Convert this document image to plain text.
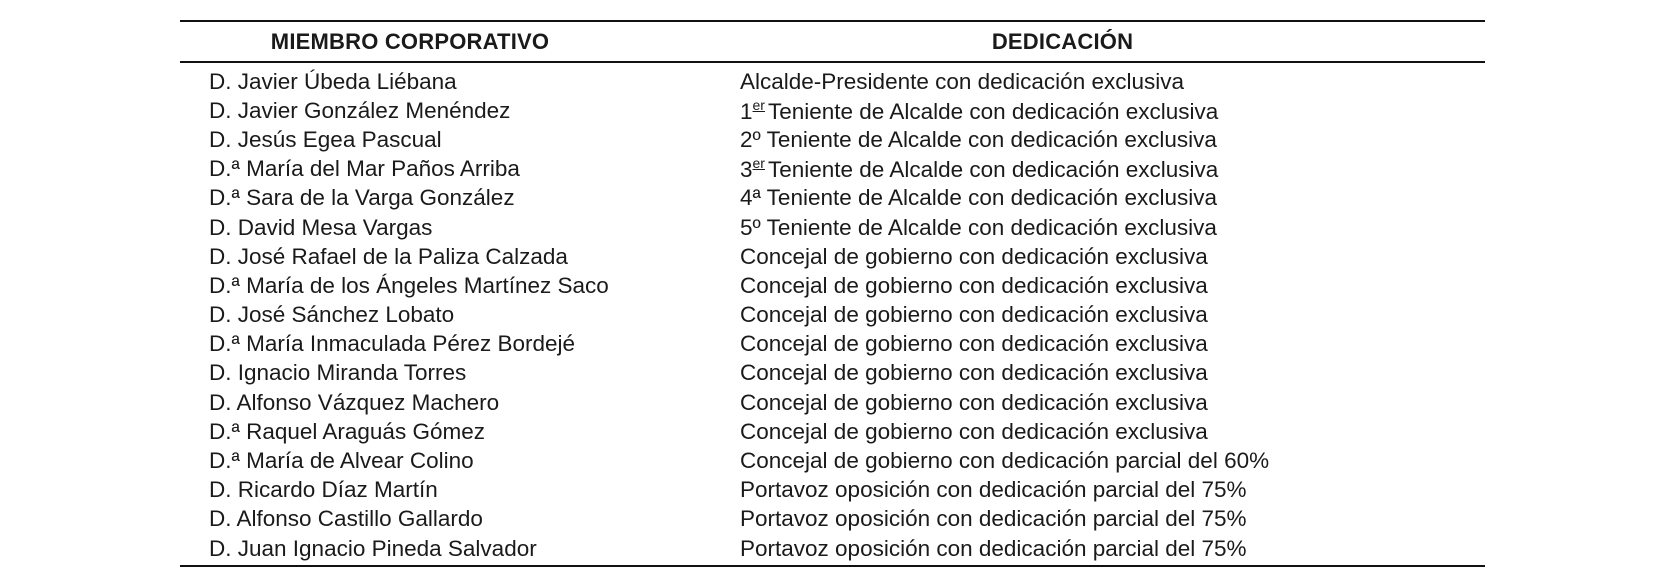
MIEMBRO CORPORATIVO	DEDICACIÓN
D. Javier Úbeda Liébana	Alcalde-Presidente con dedicación exclusiva
D. Javier González Menéndez	1er Teniente de Alcalde con dedicación exclusiva
D. Jesús Egea Pascual	2º Teniente de Alcalde con dedicación exclusiva
D.ª María del Mar Paños Arriba	3er Teniente de Alcalde con dedicación exclusiva
D.ª Sara de la Varga González	4ª Teniente de Alcalde con dedicación exclusiva
D. David Mesa Vargas	5º Teniente de Alcalde con dedicación exclusiva
D. José Rafael de la Paliza Calzada	Concejal de gobierno con dedicación exclusiva
D.ª María de los Ángeles Martínez Saco	Concejal de gobierno con dedicación exclusiva
D. José Sánchez Lobato	Concejal de gobierno con dedicación exclusiva
D.ª María Inmaculada Pérez Bordejé	Concejal de gobierno con dedicación exclusiva
D. Ignacio Miranda Torres	Concejal de gobierno con dedicación exclusiva
D. Alfonso Vázquez Machero	Concejal de gobierno con dedicación exclusiva
D.ª Raquel Araguás Gómez	Concejal de gobierno con dedicación exclusiva
D.ª María de Alvear Colino	Concejal de gobierno con dedicación parcial del 60%
D. Ricardo Díaz Martín	Portavoz oposición con dedicación parcial del 75%
D. Alfonso Castillo Gallardo	Portavoz oposición con dedicación parcial del 75%
D. Juan Ignacio Pineda Salvador	Portavoz oposición con dedicación parcial del 75%
